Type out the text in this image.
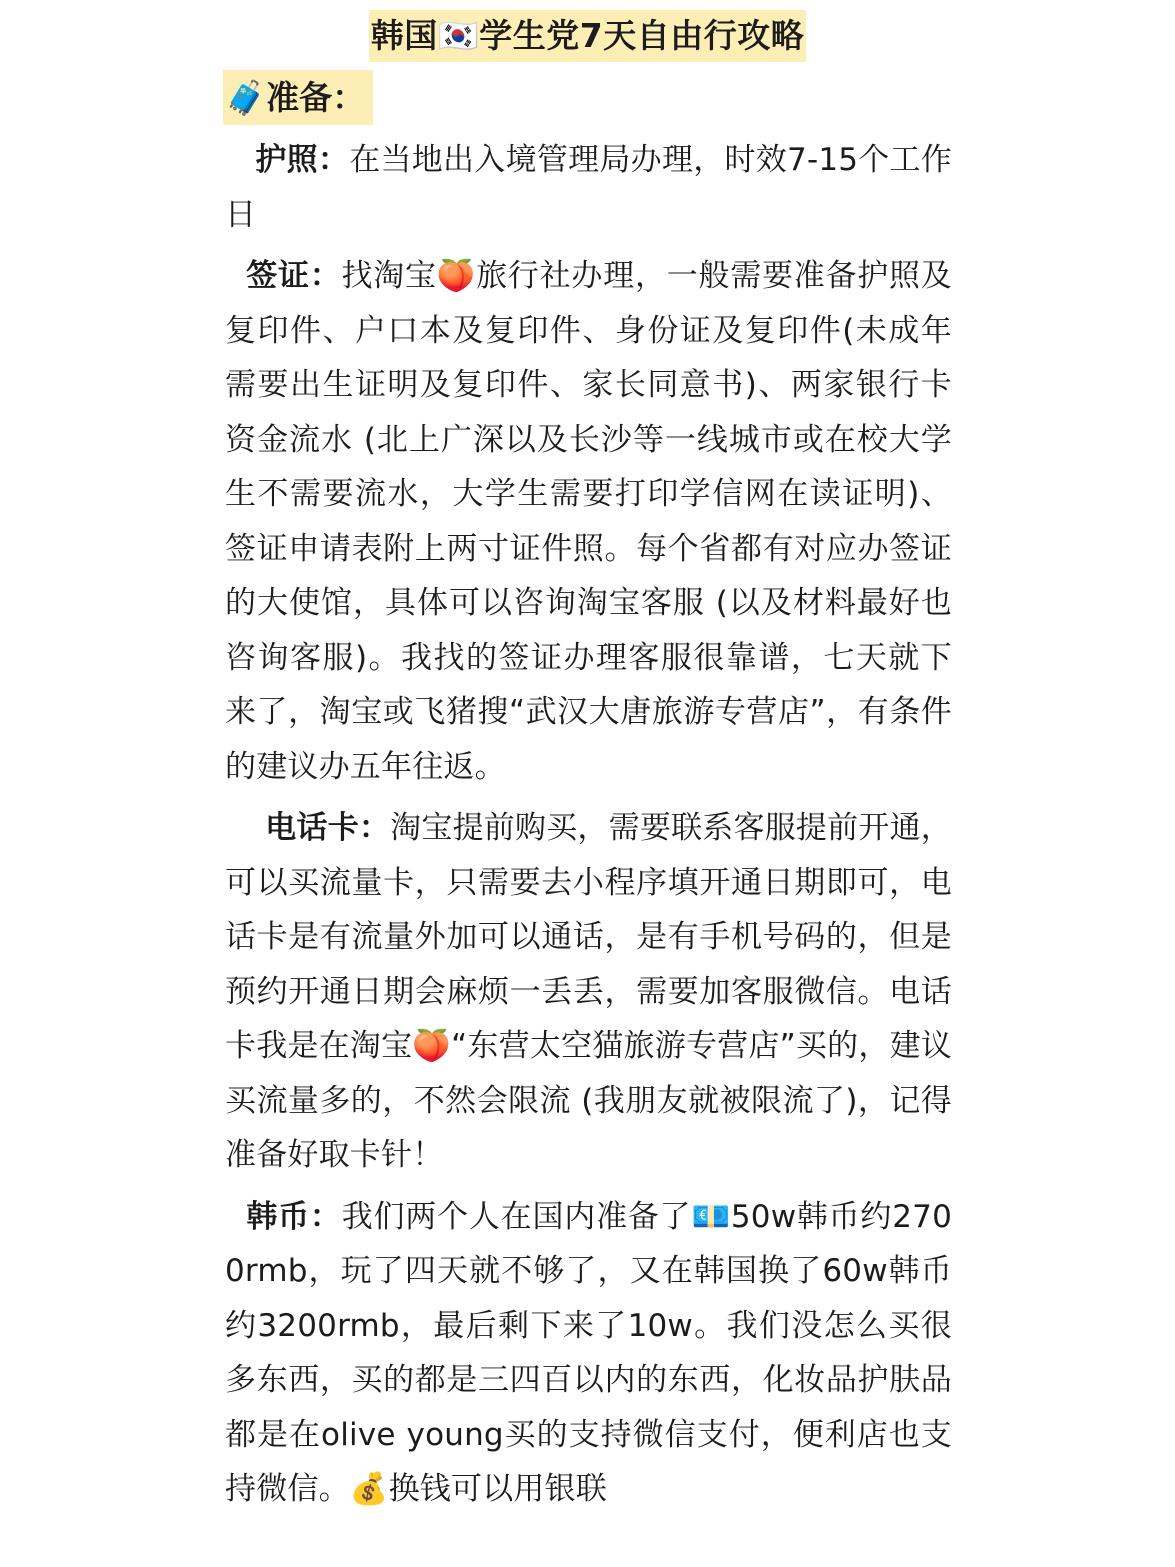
韩国🇰🇷学生党7天自由行攻略
🧳准备：

护照：在当地出入境管理局办理，时效7-15个工作日

签证：找淘宝🍑旅行社办理，一般需要准备护照及复印件、户口本及复印件、身份证及复印件(未成年需要出生证明及复印件、家长同意书)、两家银行卡资金流水 (北上广深以及长沙等一线城市或在校大学生不需要流水，大学生需要打印学信网在读证明)、签证申请表附上两寸证件照。每个省都有对应办签证的大使馆，具体可以咨询淘宝客服 (以及材料最好也咨询客服)。我找的签证办理客服很靠谱，七天就下来了，淘宝或飞猪搜“武汉大唐旅游专营店”，有条件的建议办五年往返。

电话卡：淘宝提前购买，需要联系客服提前开通，可以买流量卡，只需要去小程序填开通日期即可，电话卡是有流量外加可以通话，是有手机号码的，但是预约开通日期会麻烦一丢丢，需要加客服微信。电话卡我是在淘宝🍑“东营太空猫旅游专营店”买的，建议买流量多的，不然会限流 (我朋友就被限流了)，记得准备好取卡针！

韩币：我们两个人在国内准备了💶50w韩币约2700rmb，玩了四天就不够了，又在韩国换了60w韩币约3200rmb，最后剩下来了10w。我们没怎么买很多东西，买的都是三四百以内的东西，化妆品护肤品都是在olive young买的支持微信支付，便利店也支持微信。💰换钱可以用银联
